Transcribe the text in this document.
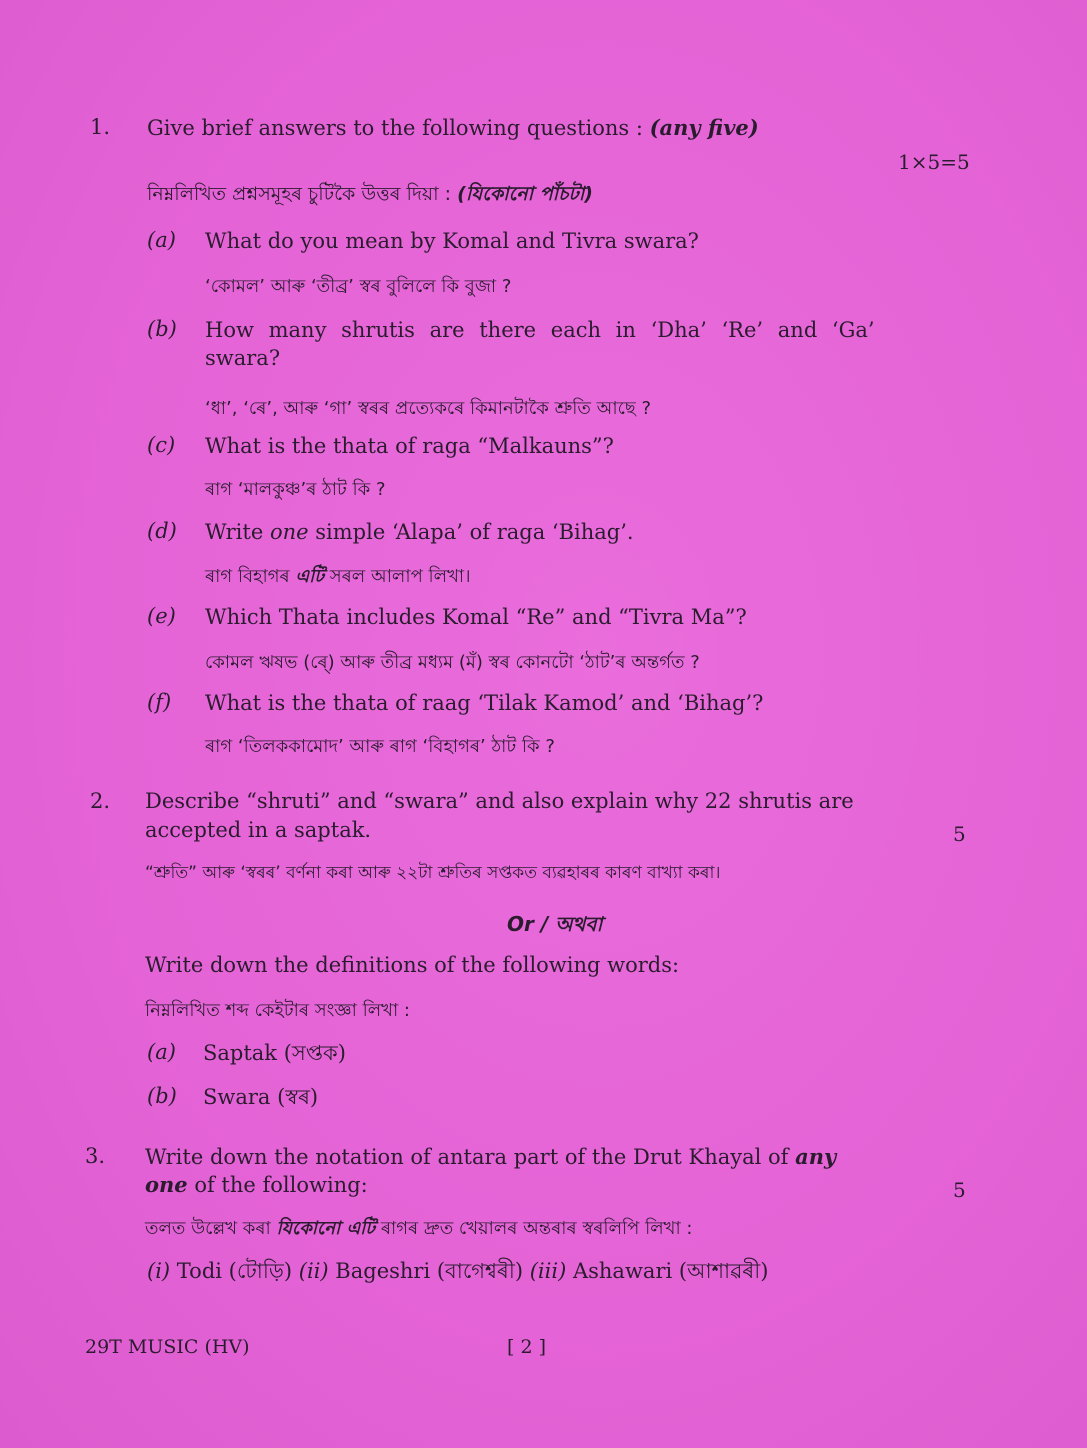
1. Give brief answers to the following questions : (any five)
1×5=5
নিম্নলিখিত প্ৰশ্নসমূহৰ চুটিকৈ উত্তৰ দিয়া : (যিকোনো পাঁচটা)
(a) What do you mean by Komal and Tivra swara?
‘কোমল’ আৰু ‘তীব্ৰ’ স্বৰ বুলিলে কি বুজা ?
(b) How many shrutis are there each in ‘Dha’ ‘Re’ and ‘Ga’
swara?
‘ধা’, ‘ৰে’, আৰু ‘গা’ স্বৰৰ প্ৰত্যেকৰে কিমানটাকৈ শ্ৰুতি আছে ?
(c) What is the thata of raga “Malkauns”?
ৰাগ ‘মালকুঞ্চ’ৰ ঠাট কি ?
(d) Write one simple ‘Alapa’ of raga ‘Bihag’.
ৰাগ বিহাগৰ এটি সৰল আলাপ লিখা।
(e) Which Thata includes Komal “Re” and “Tivra Ma”?
কোমল ঋষভ (ৰে্) আৰু তীব্ৰ মধ্যম (মঁ) স্বৰ কোনটো ‘ঠাট’ৰ অন্তৰ্গত ?
(f) What is the thata of raag ‘Tilak Kamod’ and ‘Bihag’?
ৰাগ ‘তিলককামোদ’ আৰু ৰাগ ‘বিহাগৰ’ ঠাট কি ?
2. Describe “shruti” and “swara” and also explain why 22 shrutis are
accepted in a saptak.	5
“শ্ৰুতি” আৰু ‘স্বৰৰ’ বৰ্ণনা কৰা আৰু ২২টা শ্ৰুতিৰ সপ্তকত ব্যৱহাৰৰ কাৰণ বাখ্যা কৰা।
Or / অথবা
Write down the definitions of the following words:
নিম্নলিখিত শব্দ কেইটাৰ সংজ্ঞা লিখা :
(a) Saptak (সপ্তক)
(b) Swara (স্বৰ)
3. Write down the notation of antara part of the Drut Khayal of any
one of the following:	5
তলত উল্লেখ কৰা যিকোনো এটি ৰাগৰ দ্ৰুত খেয়ালৰ অন্তৰাৰ স্বৰলিপি লিখা :
(i) Todi (টোড়ি) (ii) Bageshri (বাগেশ্বৰী) (iii) Ashawari (আশাৱৰী)
29T MUSIC (HV)	[ 2 ]
